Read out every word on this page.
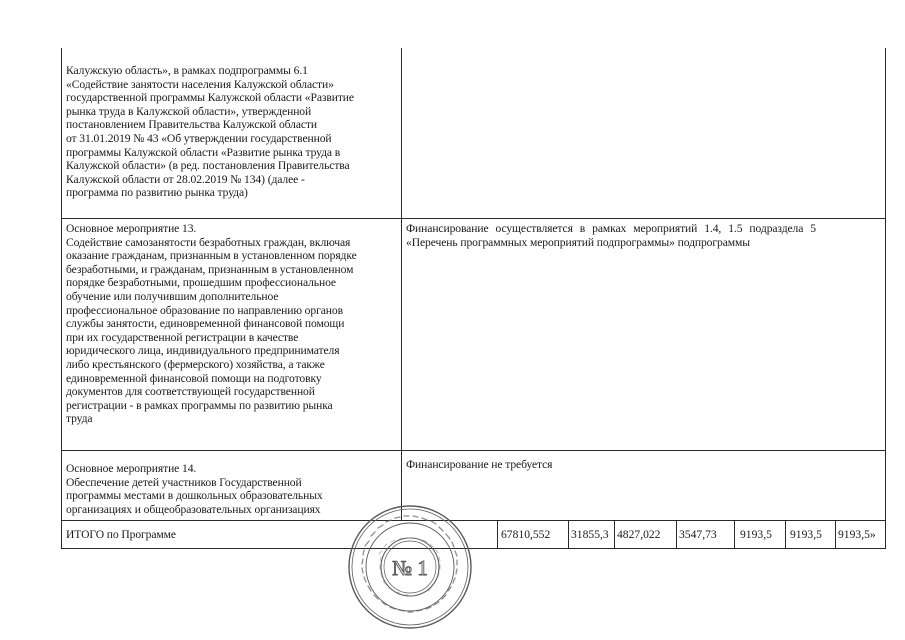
Калужскую область», в рамках подпрограммы 6.1
«Содействие занятости населения Калужской области»
государственной программы Калужской области «Развитие
рынка труда в Калужской области», утвержденной
постановлением Правительства Калужской области
от 31.01.2019 № 43 «Об утверждении государственной
программы Калужской области «Развитие рынка труда в
Калужской области» (в ред. постановления Правительства
Калужской области от 28.02.2019 № 134) (далее -
программа по развитию рынка труда)
Основное мероприятие 13.
Содействие самозанятости безработных граждан, включая
оказание гражданам, признанным в установленном порядке
безработными, и гражданам, признанным в установленном
порядке безработными, прошедшим профессиональное
обучение или получившим дополнительное
профессиональное образование по направлению органов
службы занятости, единовременной финансовой помощи
при их государственной регистрации в качестве
юридического лица, индивидуального предпринимателя
либо крестьянского (фермерского) хозяйства, а также
единовременной финансовой помощи на подготовку
документов для соответствующей государственной
регистрации - в рамках программы по развитию рынка
труда
Финансирование осуществляется в рамках мероприятий 1.4, 1.5 подраздела 5
«Перечень программных мероприятий подпрограммы» подпрограммы
Основное мероприятие 14.
Обеспечение детей участников Государственной
программы местами в дошкольных образовательных
организациях и общеобразовательных организациях
Финансирование не требуется
ИТОГО по Программе	67810,552 31855,3 4827,022 3547,73 9193,5 9193,5 9193,5»
№ 1
